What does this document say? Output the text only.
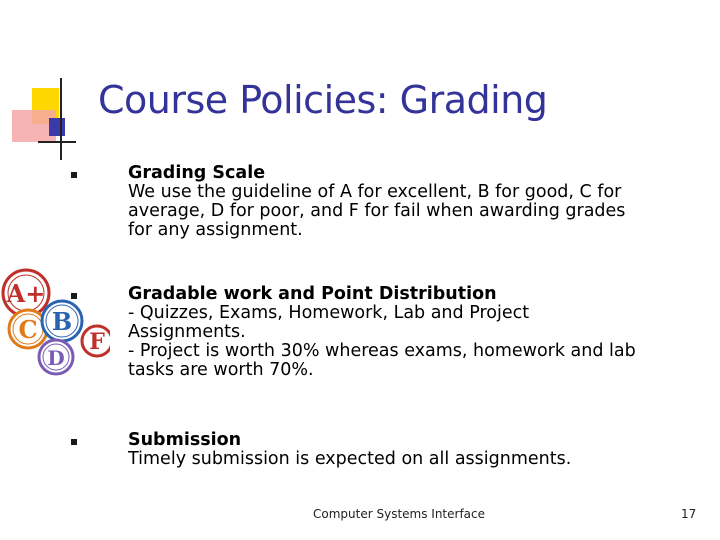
Course Policies: Grading
Grading Scale
We use the guideline of A for excellent, B for good, C for
average, D for poor, and F for fail when awarding grades
for any assignment.
Gradable work and Point Distribution
- Quizzes, Exams, Homework, Lab and Project
Assignments.
- Project is worth 30% whereas exams, homework and lab
tasks are worth 70%.
Submission
Timely submission is expected on all assignments.
A+
C B
D
F
Computer Systems Interface	17
